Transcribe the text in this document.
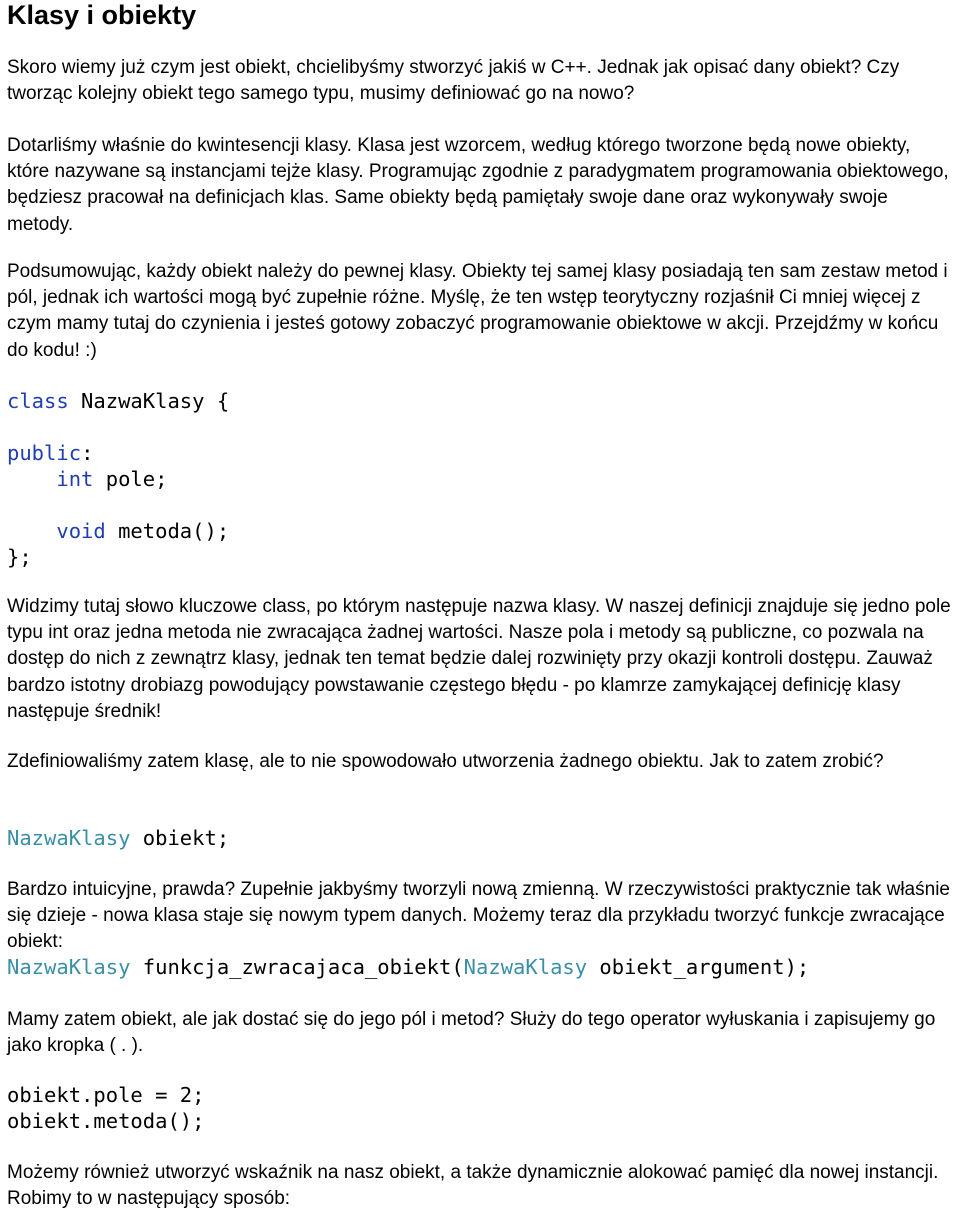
Klasy i obiekty

Skoro wiemy już czym jest obiekt, chcielibyśmy stworzyć jakiś w C++. Jednak jak opisać dany obiekt? Czy tworząc kolejny obiekt tego samego typu, musimy definiować go na nowo?

Dotarliśmy właśnie do kwintesencji klasy. Klasa jest wzorcem, według którego tworzone będą nowe obiekty, które nazywane są instancjami tejże klasy. Programując zgodnie z paradygmatem programowania obiektowego, będziesz pracował na definicjach klas. Same obiekty będą pamiętały swoje dane oraz wykonywały swoje metody.

Podsumowując, każdy obiekt należy do pewnej klasy. Obiekty tej samej klasy posiadają ten sam zestaw metod i pól, jednak ich wartości mogą być zupełnie różne. Myślę, że ten wstęp teorytyczny rozjaśnił Ci mniej więcej z czym mamy tutaj do czynienia i jesteś gotowy zobaczyć programowanie obiektowe w akcji. Przejdźmy w końcu do kodu! :)

class NazwaKlasy {

public:
int pole;

void metoda();
};

Widzimy tutaj słowo kluczowe class, po którym następuje nazwa klasy. W naszej definicji znajduje się jedno pole typu int oraz jedna metoda nie zwracająca żadnej wartości. Nasze pola i metody są publiczne, co pozwala na dostęp do nich z zewnątrz klasy, jednak ten temat będzie dalej rozwinięty przy okazji kontroli dostępu. Zauważ bardzo istotny drobiazg powodujący powstawanie częstego błędu - po klamrze zamykającej definicję klasy następuje średnik!

Zdefiniowaliśmy zatem klasę, ale to nie spowodowało utworzenia żadnego obiektu. Jak to zatem zrobić?

NazwaKlasy obiekt;

Bardzo intuicyjne, prawda? Zupełnie jakbyśmy tworzyli nową zmienną. W rzeczywistości praktycznie tak właśnie się dzieje - nowa klasa staje się nowym typem danych. Możemy teraz dla przykładu tworzyć funkcje zwracające obiekt:

NazwaKlasy funkcja_zwracajaca_obiekt(NazwaKlasy obiekt_argument);

Mamy zatem obiekt, ale jak dostać się do jego pól i metod? Służy do tego operator wyłuskania i zapisujemy go jako kropka ( . ).

obiekt.pole = 2;
obiekt.metoda();

Możemy również utworzyć wskaźnik na nasz obiekt, a także dynamicznie alokować pamięć dla nowej instancji. Robimy to w następujący sposób:
